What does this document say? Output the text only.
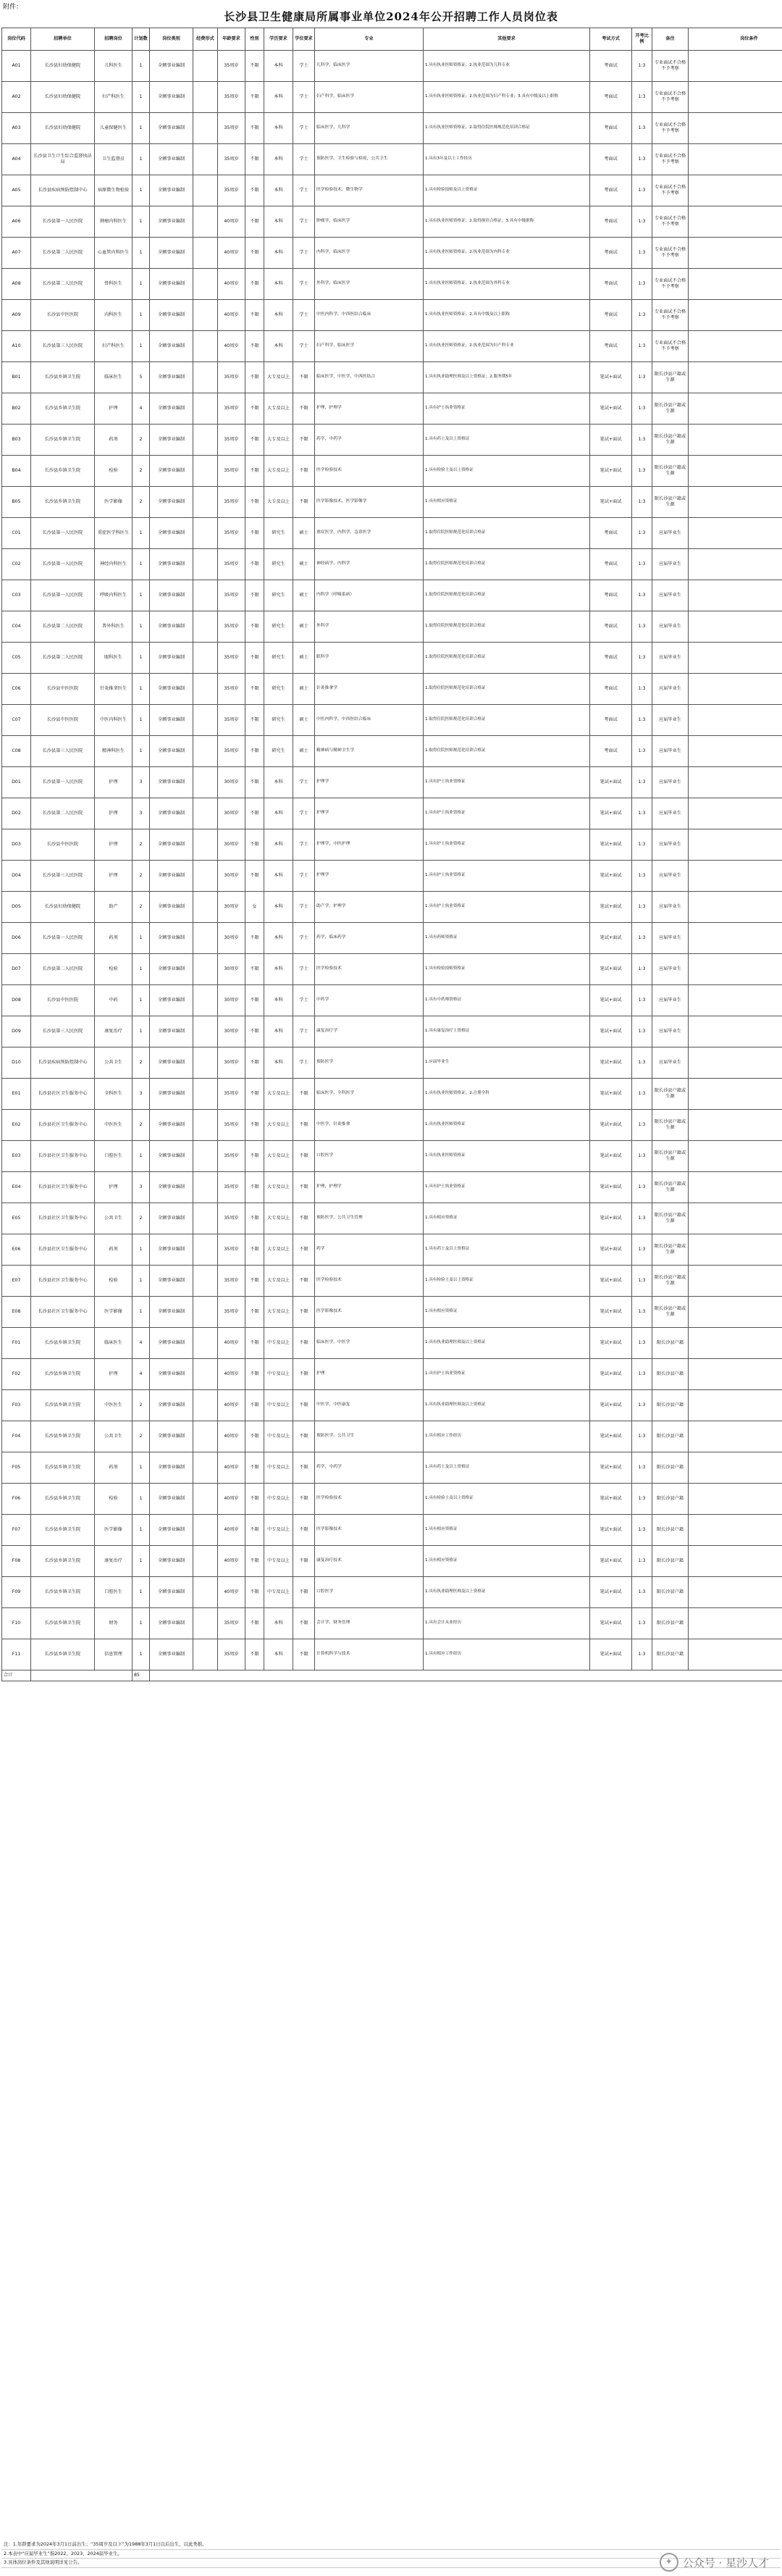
附件：
长沙县卫生健康局所属事业单位2024年公开招聘工作人员岗位表
岗位代码	招聘单位	招聘岗位	计划数	岗位类别	经费形式	年龄要求	性别	学历要求	学位要求	专业	其他要求	考试方式	开考比例	备注	岗位条件
A01	长沙县妇幼保健院	儿科医生	1	全额事业编制		35周岁	不限	本科	学士	儿科学，临床医学	1.具有执业医师资格证；2.执业范围为儿科专业	考面试	1:3	专业面试不合格不予考察	
A02	长沙县妇幼保健院	妇产科医生	1	全额事业编制		35周岁	不限	本科	学士	妇产科学，临床医学	1.具有执业医师资格证；2.执业范围为妇产科专业；3.具有中级及以上职称	考面试	1:3	专业面试不合格不予考察	
A03	长沙县妇幼保健院	儿童保健医生	1	全额事业编制		35周岁	不限	本科	学士	临床医学，儿科学	1.具有执业医师资格证；2.取得住院医师规范化培训合格证	考面试	1:3	专业面试不合格不予考察	
A04	长沙县卫生计生综合监督执法局	卫生监督员	1	全额事业编制		35周岁	不限	本科	学士	预防医学，卫生检验与检疫，公共卫生	1.具有3年及以上工作经历	考面试	1:3	专业面试不合格不予考察	
A05	长沙县疾病预防控制中心	病原微生物检验	1	全额事业编制		35周岁	不限	本科	学士	医学检验技术，微生物学	1.具有检验技师及以上资格证	考面试	1:3	专业面试不合格不予考察	
A06	长沙县第一人民医院	肿瘤内科医生	1	全额事业编制		40周岁	不限	本科	学士	肿瘤学，临床医学	1.具有执业医师资格证；2.取得规培合格证；3.具有中级职称	考面试	1:3	专业面试不合格不予考察	
A07	长沙县第二人民医院	心血管内科医生	1	全额事业编制		40周岁	不限	本科	学士	内科学，临床医学	1.具有执业医师资格证；2.执业范围为内科专业	考面试	1:3	专业面试不合格不予考察	
A08	长沙县第二人民医院	骨科医生	1	全额事业编制		40周岁	不限	本科	学士	外科学，临床医学	1.具有执业医师资格证；2.执业范围为外科专业	考面试	1:3	专业面试不合格不予考察	
A09	长沙县中医医院	内科医生	1	全额事业编制		40周岁	不限	本科	学士	中医内科学，中西医结合临床	1.具有执业医师资格证；2.具有中级及以上职称	考面试	1:3	专业面试不合格不予考察	
A10	长沙县第三人民医院	妇产科医生	1	全额事业编制		40周岁	不限	本科	学士	妇产科学，临床医学	1.具有执业医师资格证；2.执业范围为妇产科专业	考面试	1:3	专业面试不合格不予考察	
B01	长沙县乡镇卫生院	临床医生	5	全额事业编制		35周岁	不限	大专及以上	不限	临床医学，中医学，中西医结合	1.具有执业助理医师及以上资格证；2.服务期5年	笔试+面试	1:3	限长沙县户籍或生源	
B02	长沙县乡镇卫生院	护理	4	全额事业编制		35周岁	不限	大专及以上	不限	护理，护理学	1.具有护士执业资格证	笔试+面试	1:3	限长沙县户籍或生源	
B03	长沙县乡镇卫生院	药剂	2	全额事业编制		35周岁	不限	大专及以上	不限	药学，中药学	1.具有药士及以上资格证	笔试+面试	1:3	限长沙县户籍或生源	
B04	长沙县乡镇卫生院	检验	2	全额事业编制		35周岁	不限	大专及以上	不限	医学检验技术	1.具有检验士及以上资格证	笔试+面试	1:3	限长沙县户籍或生源	
B05	长沙县乡镇卫生院	医学影像	2	全额事业编制		35周岁	不限	大专及以上	不限	医学影像技术，医学影像学	1.具有相应资格证	笔试+面试	1:3	限长沙县户籍或生源	
C01	长沙县第一人民医院	重症医学科医生	1	全额事业编制		35周岁	不限	研究生	硕士	重症医学，内科学，急诊医学	1.取得住院医师规范化培训合格证	考面试	1:3	应届毕业生	
C02	长沙县第一人民医院	神经内科医生	1	全额事业编制		35周岁	不限	研究生	硕士	神经病学，内科学	1.取得住院医师规范化培训合格证	考面试	1:3	应届毕业生	
C03	长沙县第一人民医院	呼吸内科医生	1	全额事业编制		35周岁	不限	研究生	硕士	内科学（呼吸系病）	1.取得住院医师规范化培训合格证	考面试	1:3	应届毕业生	
C04	长沙县第二人民医院	普外科医生	1	全额事业编制		35周岁	不限	研究生	硕士	外科学	1.取得住院医师规范化培训合格证	考面试	1:3	应届毕业生	
C05	长沙县第二人民医院	眼科医生	1	全额事业编制		35周岁	不限	研究生	硕士	眼科学	1.取得住院医师规范化培训合格证	考面试	1:3	应届毕业生	
C06	长沙县中医医院	针灸推拿医生	1	全额事业编制		35周岁	不限	研究生	硕士	针灸推拿学	1.取得住院医师规范化培训合格证	考面试	1:3	应届毕业生	
C07	长沙县中医医院	中医内科医生	1	全额事业编制		35周岁	不限	研究生	硕士	中医内科学，中西医结合临床	1.取得住院医师规范化培训合格证	考面试	1:3	应届毕业生	
C08	长沙县第三人民医院	精神科医生	1	全额事业编制		35周岁	不限	研究生	硕士	精神病与精神卫生学	1.取得住院医师规范化培训合格证	考面试	1:3	应届毕业生	
D01	长沙县第一人民医院	护理	3	全额事业编制		30周岁	不限	本科	学士	护理学	1.具有护士执业资格证	笔试+面试	1:3	应届毕业生	
D02	长沙县第二人民医院	护理	3	全额事业编制		30周岁	不限	本科	学士	护理学	1.具有护士执业资格证	笔试+面试	1:3	应届毕业生	
D03	长沙县中医医院	护理	2	全额事业编制		30周岁	不限	本科	学士	护理学，中医护理	1.具有护士执业资格证	笔试+面试	1:3	应届毕业生	
D04	长沙县第三人民医院	护理	2	全额事业编制		30周岁	不限	本科	学士	护理学	1.具有护士执业资格证	笔试+面试	1:3	应届毕业生	
D05	长沙县妇幼保健院	助产	2	全额事业编制		30周岁	女	本科	学士	助产学，护理学	1.具有护士执业资格证	笔试+面试	1:3	应届毕业生	
D06	长沙县第一人民医院	药剂	1	全额事业编制		30周岁	不限	本科	学士	药学，临床药学	1.具有药师资格证	笔试+面试	1:3	应届毕业生	
D07	长沙县第二人民医院	检验	1	全额事业编制		30周岁	不限	本科	学士	医学检验技术	1.具有检验技师资格证	笔试+面试	1:3	应届毕业生	
D08	长沙县中医医院	中药	1	全额事业编制		30周岁	不限	本科	学士	中药学	1.具有中药师资格证	笔试+面试	1:3	应届毕业生	
D09	长沙县第三人民医院	康复治疗	1	全额事业编制		30周岁	不限	本科	学士	康复治疗学	1.具有康复治疗士资格证	笔试+面试	1:3	应届毕业生	
D10	长沙县疾病预防控制中心	公共卫生	2	全额事业编制		30周岁	不限	本科	学士	预防医学	1.应届毕业生	笔试+面试	1:3	应届毕业生	
E01	长沙县社区卫生服务中心	全科医生	3	全额事业编制		35周岁	不限	大专及以上	不限	临床医学，全科医学	1.具有执业医师资格证；2.注册全科	笔试+面试	1:3	限长沙县户籍或生源	
E02	长沙县社区卫生服务中心	中医医生	2	全额事业编制		35周岁	不限	大专及以上	不限	中医学，针灸推拿	1.具有执业医师资格证	笔试+面试	1:3	限长沙县户籍或生源	
E03	长沙县社区卫生服务中心	口腔医生	1	全额事业编制		35周岁	不限	大专及以上	不限	口腔医学	1.具有执业医师资格证	笔试+面试	1:3	限长沙县户籍或生源	
E04	长沙县社区卫生服务中心	护理	3	全额事业编制		35周岁	不限	大专及以上	不限	护理，护理学	1.具有护士执业资格证	笔试+面试	1:3	限长沙县户籍或生源	
E05	长沙县社区卫生服务中心	公共卫生	2	全额事业编制		35周岁	不限	大专及以上	不限	预防医学，公共卫生管理	1.具有相应资格证	笔试+面试	1:3	限长沙县户籍或生源	
E06	长沙县社区卫生服务中心	药剂	1	全额事业编制		35周岁	不限	大专及以上	不限	药学	1.具有药士及以上资格证	笔试+面试	1:3	限长沙县户籍或生源	
E07	长沙县社区卫生服务中心	检验	1	全额事业编制		35周岁	不限	大专及以上	不限	医学检验技术	1.具有检验士及以上资格证	笔试+面试	1:3	限长沙县户籍或生源	
E08	长沙县社区卫生服务中心	医学影像	1	全额事业编制		35周岁	不限	大专及以上	不限	医学影像技术	1.具有相应资格证	笔试+面试	1:3	限长沙县户籍或生源	
F01	长沙县乡镇卫生院	临床医生	4	全额事业编制		40周岁	不限	中专及以上	不限	临床医学，中医学	1.具有执业助理医师及以上资格证	笔试+面试	1:3	限长沙县户籍	
F02	长沙县乡镇卫生院	护理	4	全额事业编制		40周岁	不限	中专及以上	不限	护理	1.具有护士执业资格证	笔试+面试	1:3	限长沙县户籍	
F03	长沙县乡镇卫生院	中医医生	2	全额事业编制		40周岁	不限	中专及以上	不限	中医学，中医康复	1.具有执业助理医师及以上资格证	笔试+面试	1:3	限长沙县户籍	
F04	长沙县乡镇卫生院	公共卫生	2	全额事业编制		40周岁	不限	中专及以上	不限	预防医学，公共卫生	1.具有相应工作经历	笔试+面试	1:3	限长沙县户籍	
F05	长沙县乡镇卫生院	药剂	1	全额事业编制		40周岁	不限	中专及以上	不限	药学，中药学	1.具有药士及以上资格证	笔试+面试	1:3	限长沙县户籍	
F06	长沙县乡镇卫生院	检验	1	全额事业编制		40周岁	不限	中专及以上	不限	医学检验技术	1.具有检验士及以上资格证	笔试+面试	1:3	限长沙县户籍	
F07	长沙县乡镇卫生院	医学影像	1	全额事业编制		40周岁	不限	中专及以上	不限	医学影像技术	1.具有相应资格证	笔试+面试	1:3	限长沙县户籍	
F08	长沙县乡镇卫生院	康复治疗	1	全额事业编制		40周岁	不限	中专及以上	不限	康复治疗技术	1.具有相应资格证	笔试+面试	1:3	限长沙县户籍	
F09	长沙县乡镇卫生院	口腔医生	1	全额事业编制		40周岁	不限	中专及以上	不限	口腔医学	1.具有执业助理医师及以上资格证	笔试+面试	1:3	限长沙县户籍	
F10	长沙县乡镇卫生院	财务	1	全额事业编制		35周岁	不限	本科	不限	会计学，财务管理	1.具有会计从业经历	笔试+面试	1:3	限长沙县户籍	
F11	长沙县乡镇卫生院	信息管理	1	全额事业编制		35周岁	不限	本科	不限	计算机科学与技术	1.具有相应工作经历	笔试+面试	1:3	限长沙县户籍	
合计			85												
注：1.年龄要求为2024年3月1日前出生；“35周岁及以下”为1988年3月1日以后出生，以此类推。
2.本表中“应届毕业生”指2022、2023、2024届毕业生。
3.具体岗位条件及其他说明详见公告。	✦ 公众号 · 星沙人才
